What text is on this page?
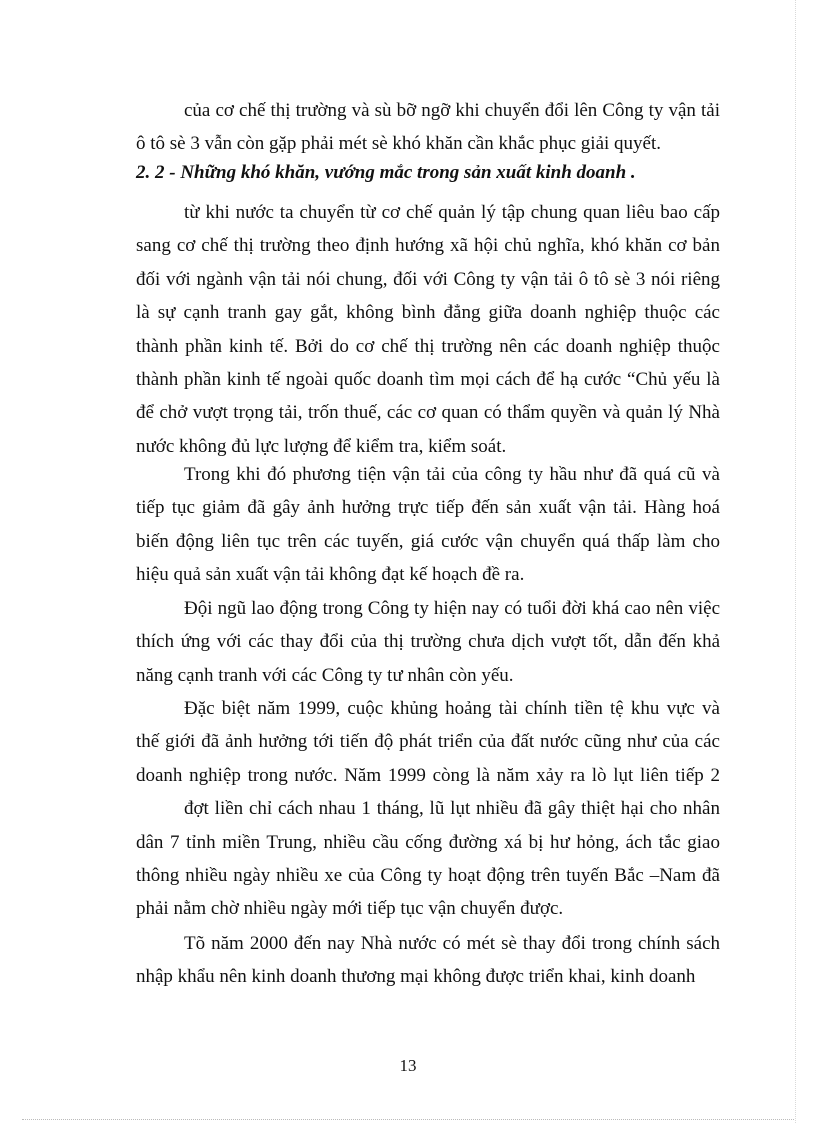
của cơ chế thị trường và sù bỡ ngỡ khi chuyển đổi lên Công ty vận tải
ô tô sè 3 vẫn còn gặp phải mét sè khó khăn cần khắc phục giải quyết.
2. 2 - Những khó khăn, vướng mắc trong sản xuất kinh doanh .
từ khi nước ta chuyển từ cơ chế quản lý tập chung quan liêu bao cấp
sang cơ chế thị trường theo định hướng xã hội chủ nghĩa, khó khăn cơ bản
đối với ngành vận tải nói chung, đối với Công ty vận tải ô tô sè 3 nói riêng
là sự cạnh tranh gay gắt, không bình đẳng giữa doanh nghiệp thuộc các
thành phần kinh tế. Bởi do cơ chế thị trường nên các doanh nghiệp thuộc
thành phần kinh tế ngoài quốc doanh tìm mọi cách để hạ cước “Chủ yếu là
để chở vượt trọng tải, trốn thuế, các cơ quan có thẩm quyền và quản lý Nhà
nước không đủ lực lượng để kiểm tra, kiểm soát.
Trong khi đó phương tiện vận tải của công ty hầu như đã quá cũ và
tiếp tục giảm đã gây ảnh hưởng trực tiếp đến sản xuất vận tải. Hàng hoá
biến động liên tục trên các tuyến, giá cước vận chuyển quá thấp làm cho
hiệu quả sản xuất vận tải không đạt kế hoạch đề ra.
Đội ngũ lao động trong Công ty hiện nay có tuổi đời khá cao nên việc
thích ứng với các thay đổi của thị trường chưa dịch vượt tốt, dẫn đến khả
năng cạnh tranh với các Công ty tư nhân còn yếu.
Đặc biệt năm 1999, cuộc khủng hoảng tài chính tiền tệ khu vực và
thế giới đã ảnh hưởng tới tiến độ phát triển của đất nước cũng như của các
doanh nghiệp trong nước. Năm 1999 còng là năm xảy ra lò lụt liên tiếp 2
đợt liền chỉ cách nhau 1 tháng, lũ lụt nhiều đã gây thiệt hại cho nhân
dân 7 tỉnh miền Trung, nhiều cầu cống đường xá bị hư hỏng, ách tắc giao
thông nhiều ngày nhiều xe của Công ty hoạt động trên tuyến Bắc –Nam đã
phải nằm chờ nhiều ngày mới tiếp tục vận chuyển được.
Tõ năm 2000 đến nay Nhà nước có mét sè thay đổi trong chính sách
nhập khẩu nên kinh doanh thương mại không được triển khai, kinh doanh
13
